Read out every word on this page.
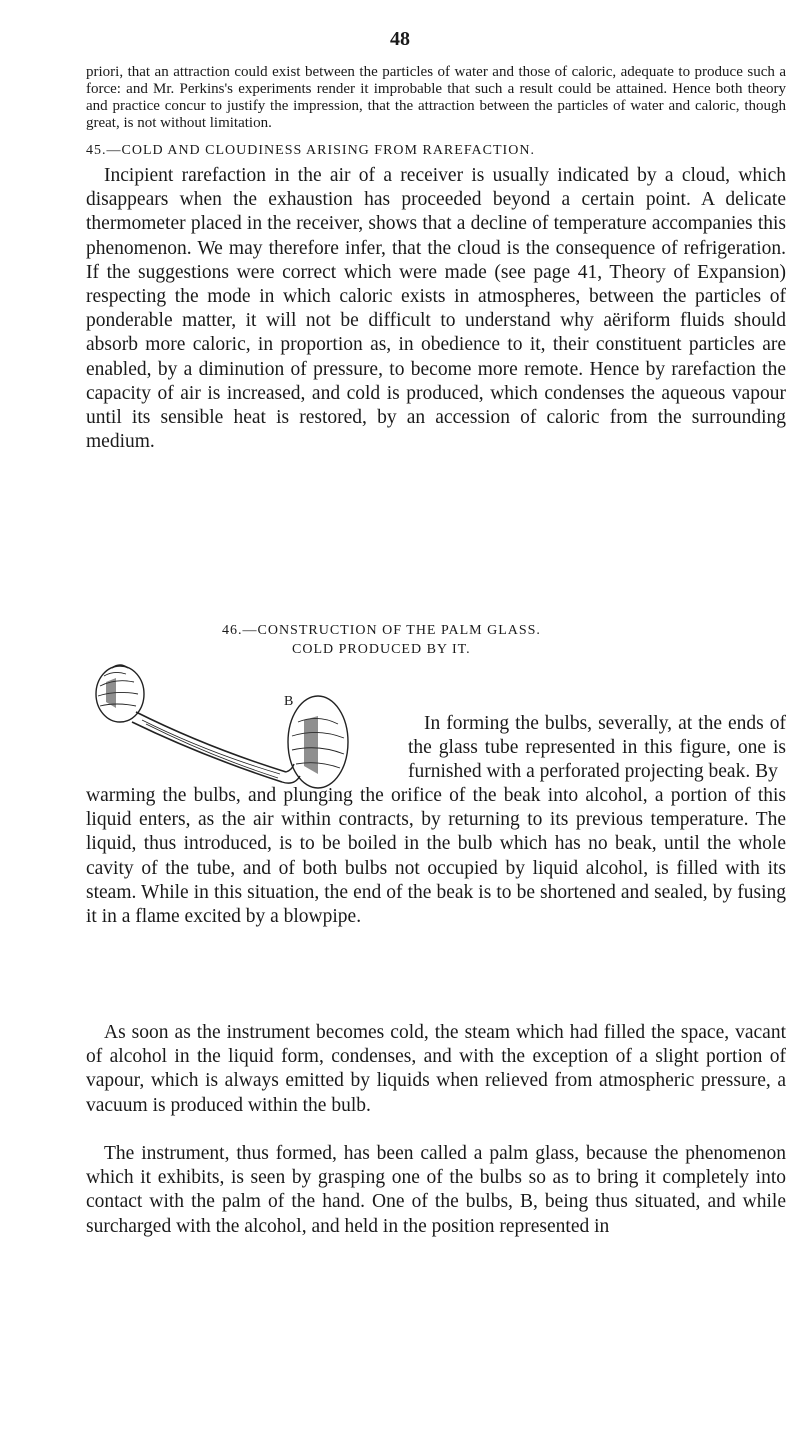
48

priori, that an attraction could exist between the particles of water and those of caloric, adequate to produce such a force: and Mr. Perkins's experiments render it improbable that such a result could be attained. Hence both theory and practice concur to justify the impression, that the attraction between the particles of water and caloric, though great, is not without limitation.

45.—COLD AND CLOUDINESS ARISING FROM RAREFACTION.

Incipient rarefaction in the air of a receiver is usually indicated by a cloud, which disappears when the exhaustion has proceeded beyond a certain point. A delicate thermometer placed in the receiver, shows that a decline of temperature accompanies this phenomenon. We may therefore infer, that the cloud is the consequence of refrigeration. If the suggestions were correct which were made (see page 41, Theory of Expansion) respecting the mode in which caloric exists in atmospheres, between the particles of ponderable matter, it will not be difficult to understand why aëriform fluids should absorb more caloric, in proportion as, in obedience to it, their constituent particles are enabled, by a diminution of pressure, to become more remote. Hence by rarefaction the capacity of air is increased, and cold is produced, which condenses the aqueous vapour until its sensible heat is restored, by an accession of caloric from the surrounding medium.

46.—CONSTRUCTION OF THE PALM GLASS.

COLD PRODUCED BY IT.

B

In forming the bulbs, severally, at the ends of the glass tube represented in this figure, one is furnished with a perforated projecting beak. By

warming the bulbs, and plunging the orifice of the beak into alcohol, a portion of this liquid enters, as the air within contracts, by returning to its previous temperature. The liquid, thus introduced, is to be boiled in the bulb which has no beak, until the whole cavity of the tube, and of both bulbs not occupied by liquid alcohol, is filled with its steam. While in this situation, the end of the beak is to be shortened and sealed, by fusing it in a flame excited by a blowpipe.

As soon as the instrument becomes cold, the steam which had filled the space, vacant of alcohol in the liquid form, condenses, and with the exception of a slight portion of vapour, which is always emitted by liquids when relieved from atmospheric pressure, a vacuum is produced within the bulb.

The instrument, thus formed, has been called a palm glass, because the phenomenon which it exhibits, is seen by grasping one of the bulbs so as to bring it completely into contact with the palm of the hand. One of the bulbs, B, being thus situated, and while surcharged with the alcohol, and held in the position represented in
